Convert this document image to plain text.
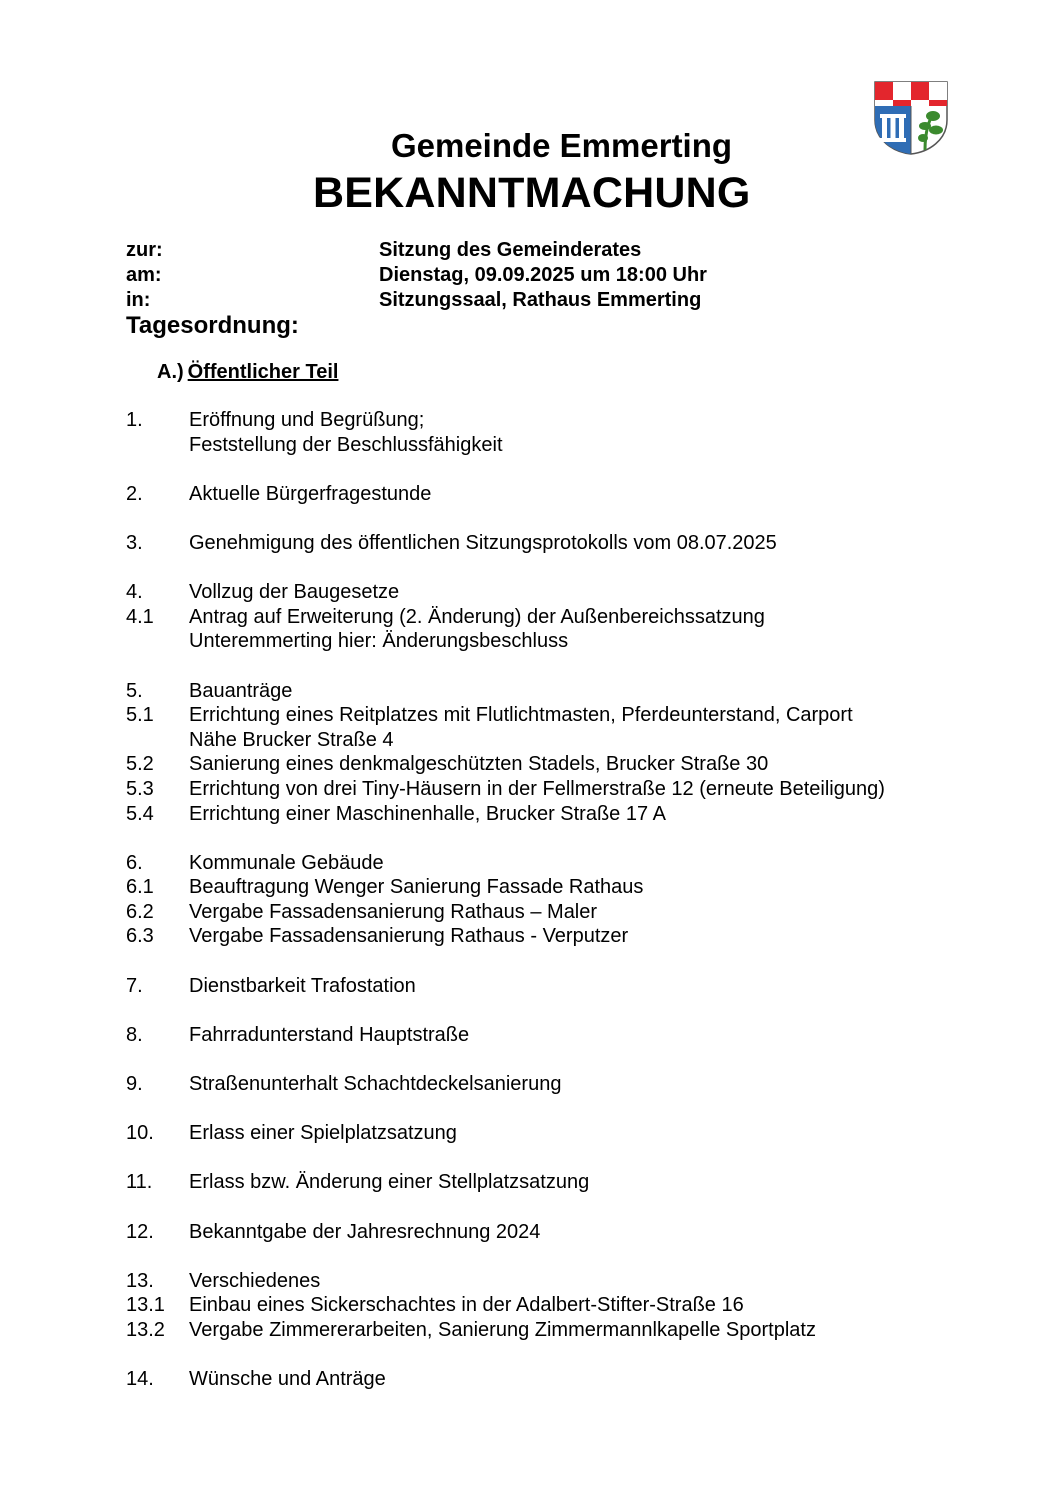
Gemeinde Emmerting
BEKANNTMACHUNG
zur:	Sitzung des Gemeinderates
am:	Dienstag, 09.09.2025 um 18:00 Uhr
in:	Sitzungssaal, Rathaus Emmerting
Tagesordnung:
A.) Öffentlicher Teil
1. Eröffnung und Begrüßung;
Feststellung der Beschlussfähigkeit
2. Aktuelle Bürgerfragestunde
3. Genehmigung des öffentlichen Sitzungsprotokolls vom 08.07.2025
4. Vollzug der Baugesetze
4.1 Antrag auf Erweiterung (2. Änderung) der Außenbereichssatzung
Unteremmerting hier: Änderungsbeschluss
5. Bauanträge
5.1 Errichtung eines Reitplatzes mit Flutlichtmasten, Pferdeunterstand, Carport
Nähe Brucker Straße 4
5.2 Sanierung eines denkmalgeschützten Stadels, Brucker Straße 30
5.3 Errichtung von drei Tiny-Häusern in der Fellmerstraße 12 (erneute Beteiligung)
5.4 Errichtung einer Maschinenhalle, Brucker Straße 17 A
6. Kommunale Gebäude
6.1 Beauftragung Wenger Sanierung Fassade Rathaus
6.2 Vergabe Fassadensanierung Rathaus – Maler
6.3 Vergabe Fassadensanierung Rathaus - Verputzer
7. Dienstbarkeit Trafostation
8. Fahrradunterstand Hauptstraße
9. Straßenunterhalt Schachtdeckelsanierung
10. Erlass einer Spielplatzsatzung
11. Erlass bzw. Änderung einer Stellplatzsatzung
12. Bekanntgabe der Jahresrechnung 2024
13. Verschiedenes
13.1 Einbau eines Sickerschachtes in der Adalbert-Stifter-Straße 16
13.2 Vergabe Zimmererarbeiten, Sanierung Zimmermannlkapelle Sportplatz
14. Wünsche und Anträge
